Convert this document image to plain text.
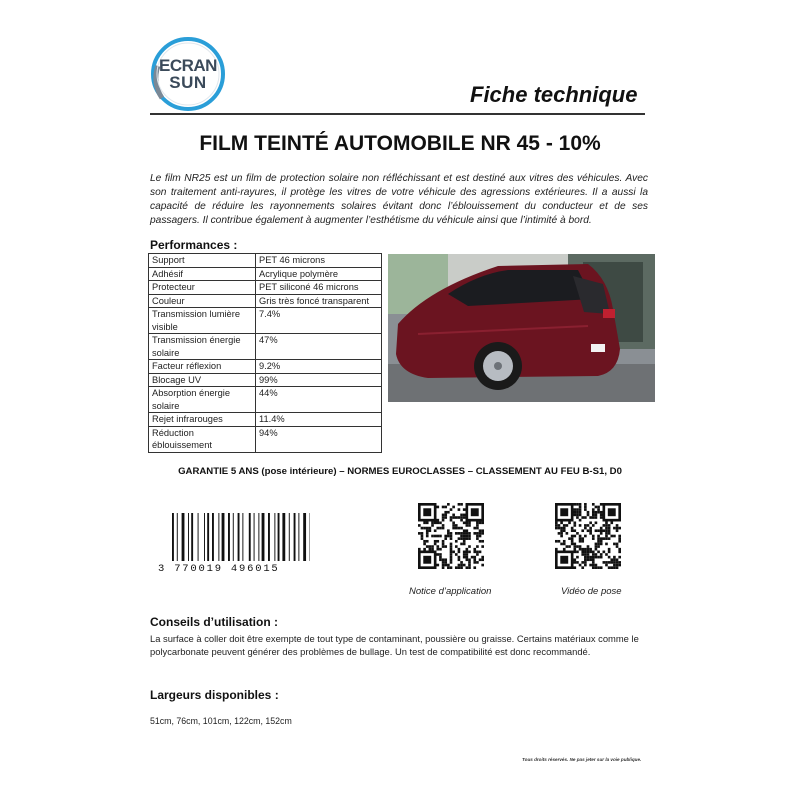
ECRAN
SUN	Fiche technique
FILM TEINTÉ AUTOMOBILE NR 45 - 10%

Le film NR25 est un film de protection solaire non réfléchissant et est destiné aux vitres des véhicules. Avec son traitement anti-rayures, il protège les vitres de votre véhicule des agressions extérieures. Il a aussi la capacité de réduire les rayonnements solaires évitant donc l’éblouissement du conducteur et de ses passagers. Il contribue également à augmenter l’esthétisme du véhicule ainsi que l’intimité à bord.

Performances :
Support	PET 46 microns
Adhésif	Acrylique polymère
Protecteur	PET siliconé 46 microns
Couleur	Gris très foncé transparent
Transmission lumière visible	7.4%
Transmission énergie solaire	47%
Facteur réflexion	9.2%
Blocage UV	99%
Absorption énergie solaire	44%
Rejet infrarouges	11.4%
Réduction éblouissement	94%
GARANTIE 5 ANS (pose intérieure) – NORMES EUROCLASSES – CLASSEMENT AU FEU B-S1, D0
3 770019 496015
Notice d’application	Vidéo de pose
Conseils d’utilisation :

La surface à coller doit être exempte de tout type de contaminant, poussière ou graisse. Certains matériaux comme le polycarbonate peuvent générer des problèmes de bullage. Un test de compatibilité est donc recommandé.

Largeurs disponibles :
51cm, 76cm, 101cm, 122cm, 152cm
Tous droits réservés. Ne pas jeter sur la voie publique.
